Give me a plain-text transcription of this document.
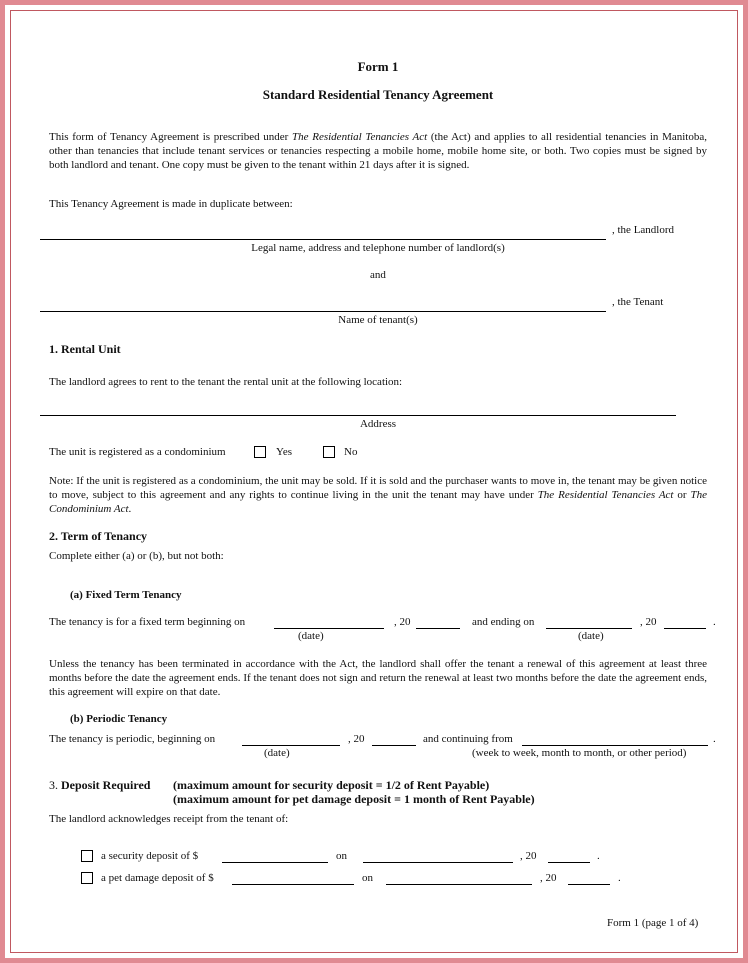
Form 1
Standard Residential Tenancy Agreement
This form of Tenancy Agreement is prescribed under The Residential Tenancies Act (the Act) and applies to all residential tenancies in Manitoba, other than tenancies that include tenant services or tenancies respecting a mobile home, mobile home site, or both. Two copies must be signed by both landlord and tenant. One copy must be given to the tenant within 21 days after it is signed.
This Tenancy Agreement is made in duplicate between:
, the Landlord
Legal name, address and telephone number of landlord(s)
and
, the Tenant
Name of tenant(s)
1. Rental Unit
The landlord agrees to rent to the tenant the rental unit at the following location:
Address
The unit is registered as a condominium	Yes	No
Note: If the unit is registered as a condominium, the unit may be sold. If it is sold and the purchaser wants to move in, the tenant may be given notice to move, subject to this agreement and any rights to continue living in the unit the tenant may have under The Residential Tenancies Act or The Condominium Act.
2. Term of Tenancy
Complete either (a) or (b), but not both:
(a) Fixed Term Tenancy
The tenancy is for a fixed term beginning on	, 20	and ending on	, 20	.
(date)	(date)
Unless the tenancy has been terminated in accordance with the Act, the landlord shall offer the tenant a renewal of this agreement at least three months before the date the agreement ends. If the tenant does not sign and return the renewal at least two months before the date the agreement ends, this agreement will expire on that date.
(b) Periodic Tenancy
The tenancy is periodic, beginning on	, 20	and continuing from	.
(date)	(week to week, month to month, or other period)
3. Deposit Required (maximum amount for security deposit = 1/2 of Rent Payable)
(maximum amount for pet damage deposit = 1 month of Rent Payable)
The landlord acknowledges receipt from the tenant of:
a security deposit of $	on	, 20	.
a pet damage deposit of $	on	, 20	.
Form 1 (page 1 of 4)
